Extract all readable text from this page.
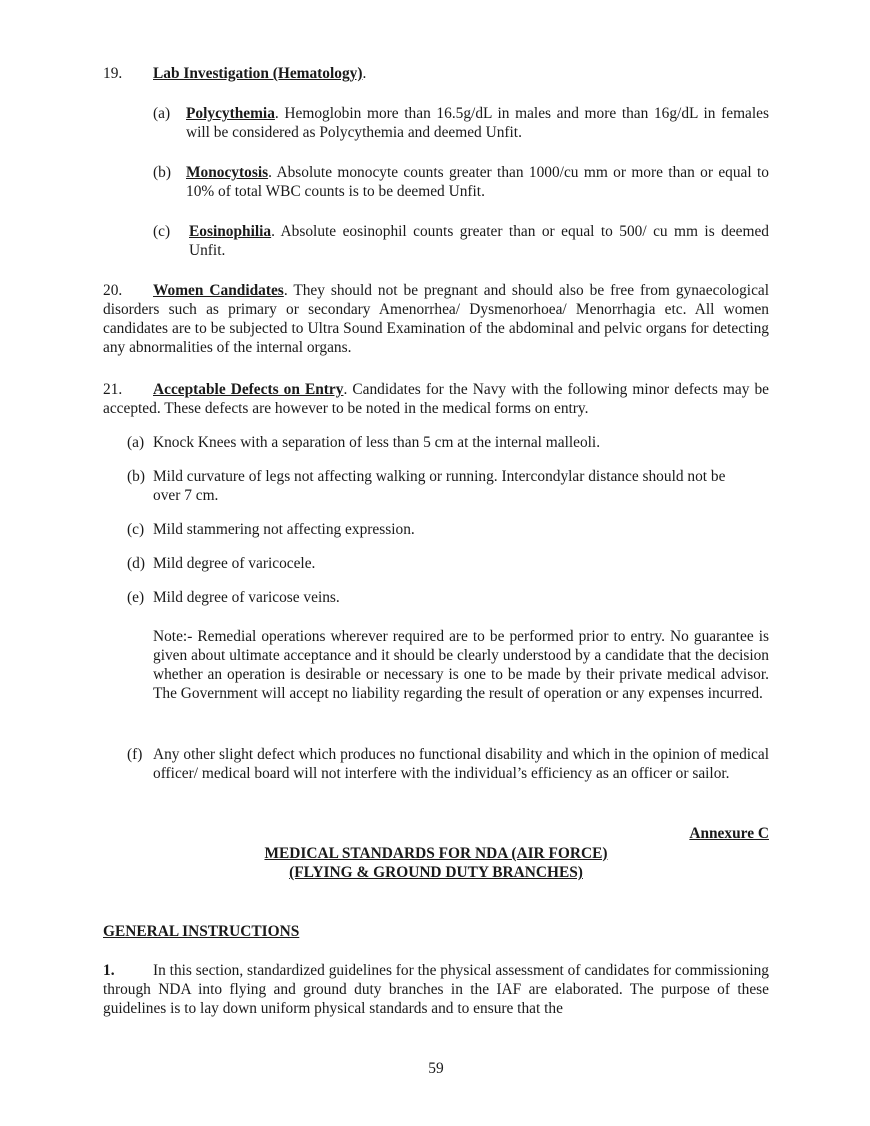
19. Lab Investigation (Hematology).

(a)	Polycythemia. Hemoglobin more than 16.5g/dL in males and more than 16g/dL in females will be considered as Polycythemia and deemed Unfit.
(b) Monocytosis. Absolute monocyte counts greater than 1000/cu mm or more than or equal to 10% of total WBC counts is to be deemed Unfit.
(c)	Eosinophilia. Absolute eosinophil counts greater than or equal to 500/ cu mm is deemed Unfit.

20. Women Candidates. They should not be pregnant and should also be free from gynaecological disorders such as primary or secondary Amenorrhea/ Dysmenorhoea/ Menorrhagia etc. All women candidates are to be subjected to Ultra Sound Examination of the abdominal and pelvic organs for detecting any abnormalities of the internal organs.

21. Acceptable Defects on Entry. Candidates for the Navy with the following minor defects may be accepted. These defects are however to be noted in the medical forms on entry.

(a) Knock Knees with a separation of less than 5 cm at the internal malleoli.
(b) Mild curvature of legs not affecting walking or running. Intercondylar distance should not be over 7 cm.
(c) Mild stammering not affecting expression.
(d) Mild degree of varicocele.
(e) Mild degree of varicose veins.

Note:- Remedial operations wherever required are to be performed prior to entry. No guarantee is given about ultimate acceptance and it should be clearly understood by a candidate that the decision whether an operation is desirable or necessary is one to be made by their private medical advisor. The Government will accept no liability regarding the result of operation or any expenses incurred.

(f) Any other slight defect which produces no functional disability and which in the opinion of medical officer/ medical board will not interfere with the individual’s efficiency as an officer or sailor.

Annexure C

MEDICAL STANDARDS FOR NDA (AIR FORCE)

(FLYING & GROUND DUTY BRANCHES)

GENERAL INSTRUCTIONS

1. In this section, standardized guidelines for the physical assessment of candidates for commissioning through NDA into flying and ground duty branches in the IAF are elaborated. The purpose of these guidelines is to lay down uniform physical standards and to ensure that the

59
